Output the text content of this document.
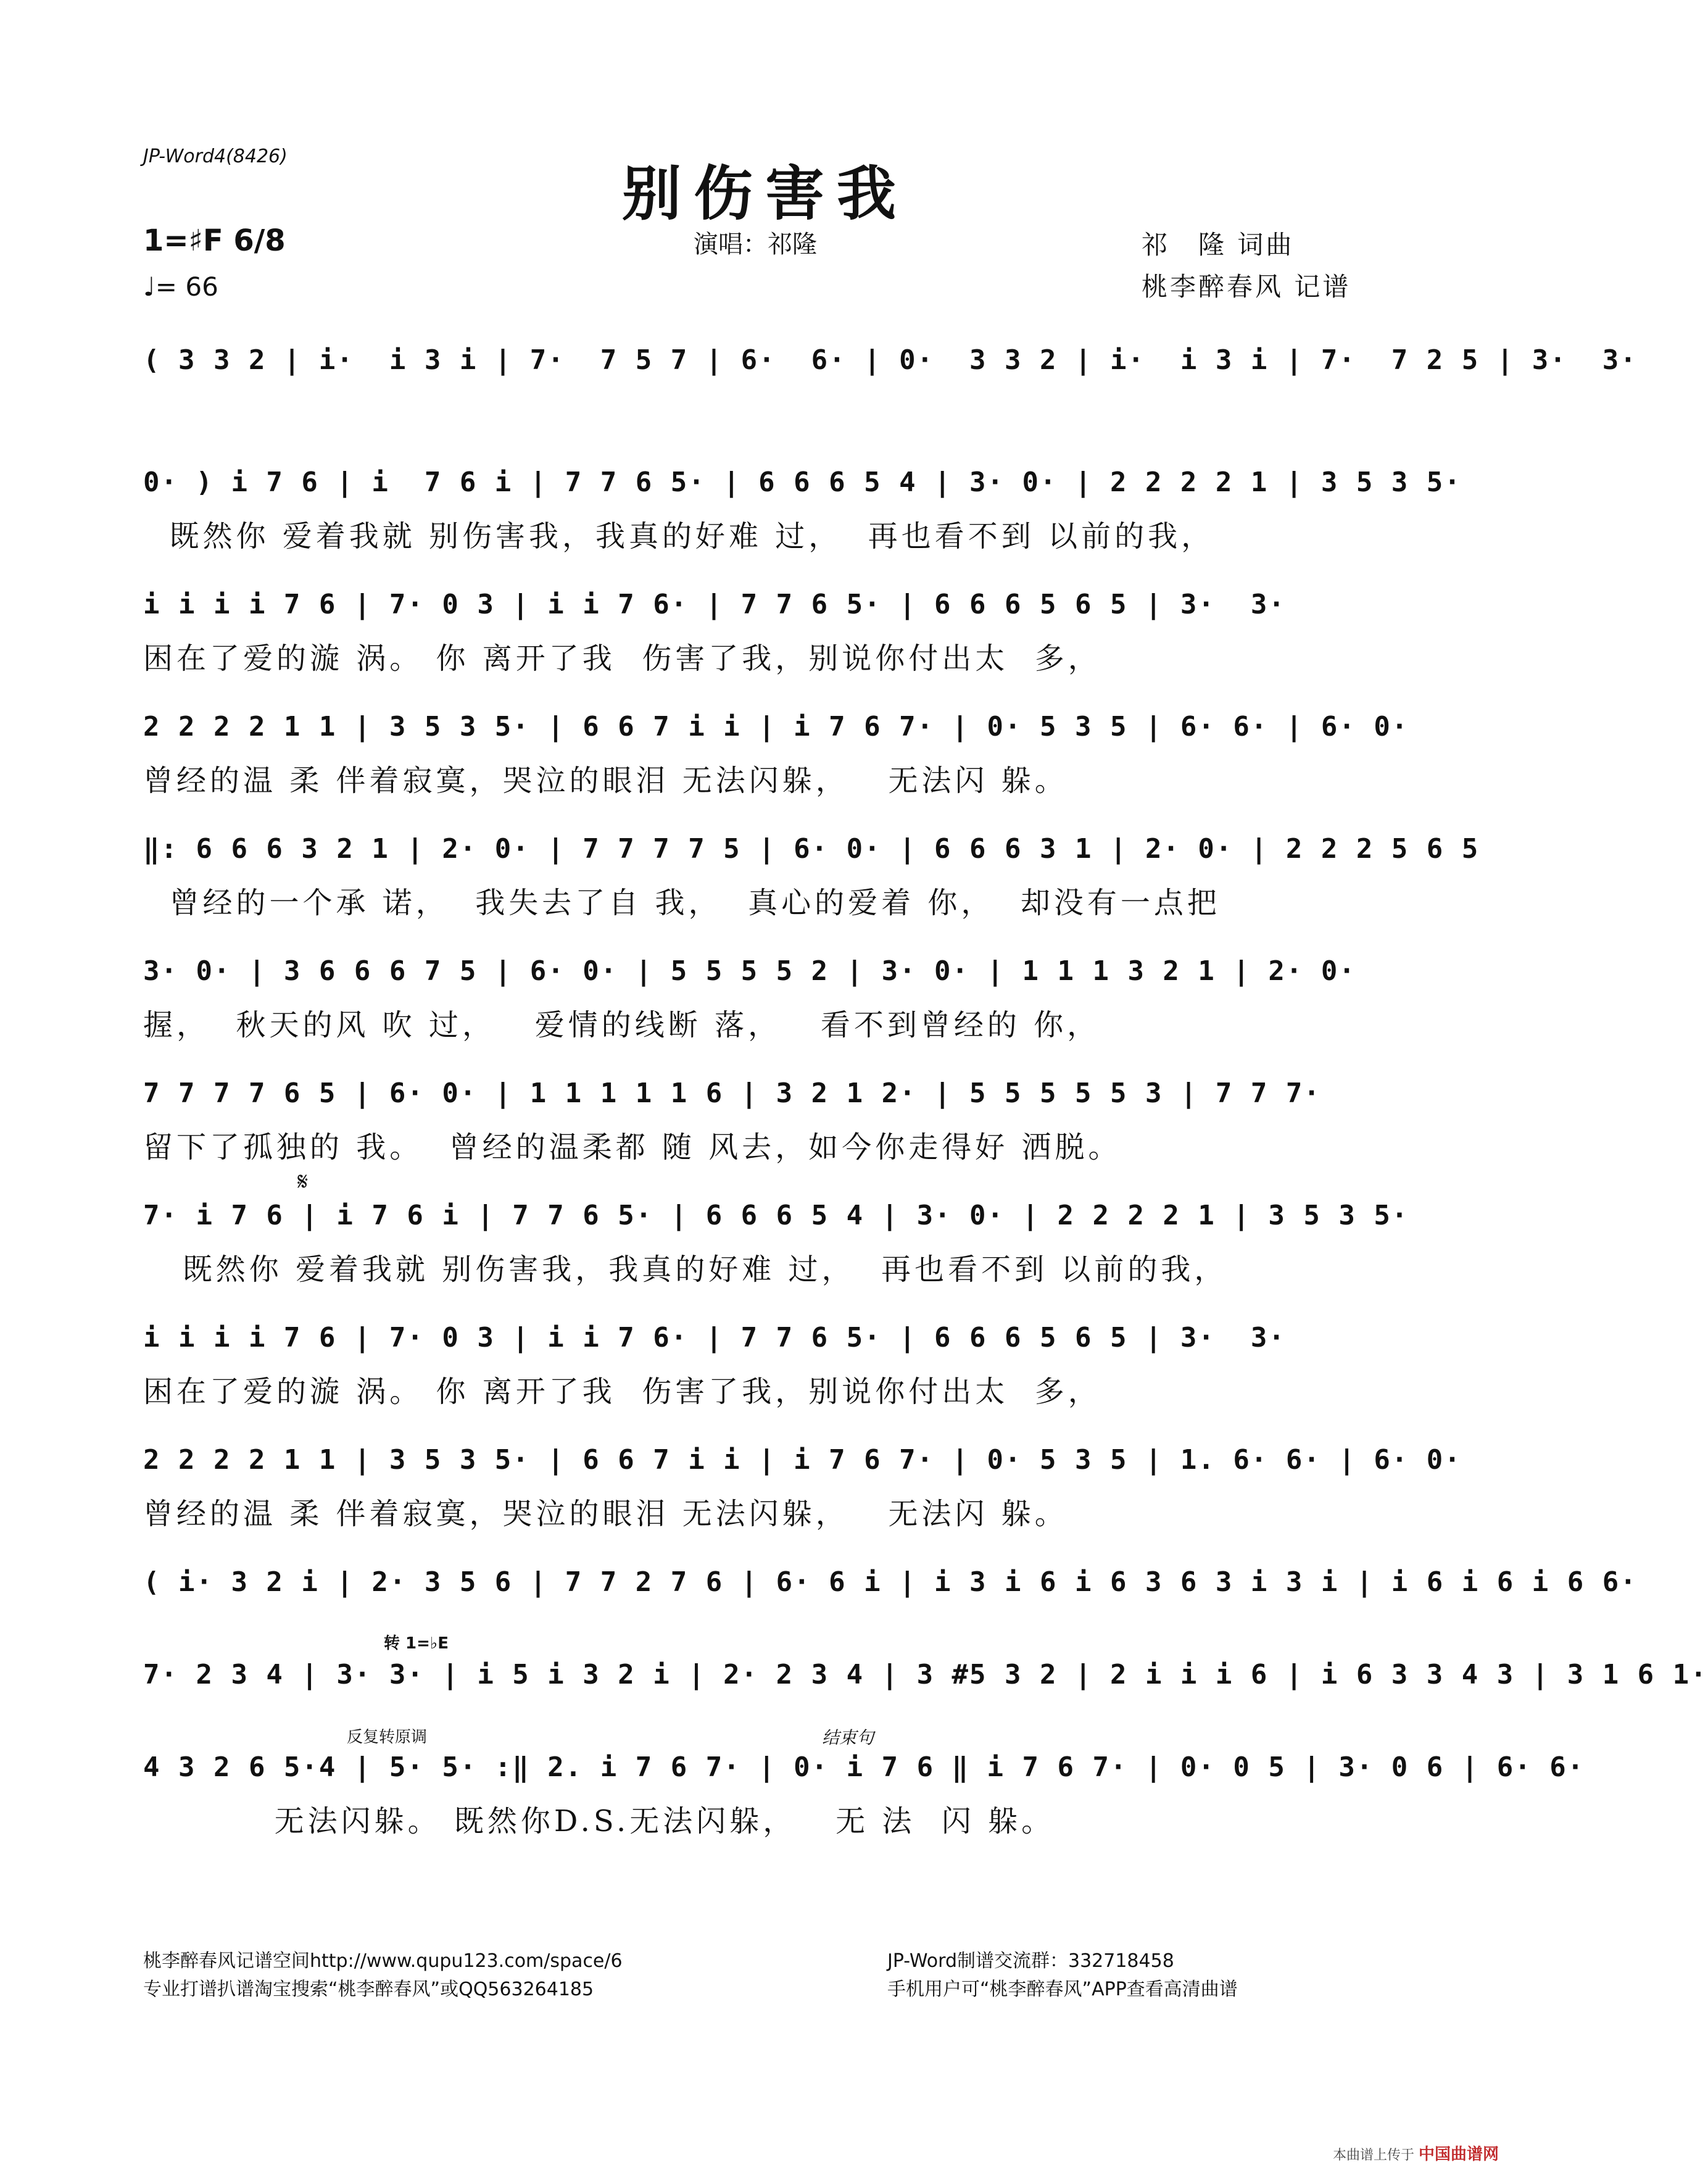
JP-Word4(8426)
别伤害我
1=♯F 6/8
♩= 66
演唱：祁隆	祁　隆 词曲
桃李醉春风 记谱
( 3 3 2 | i·  i 3 i | 7·  7 5 7 | 6·  6· | 0·  3 3 2 | i·  i 3 i | 7·  7 2 5 | 3·  3·
0· ) i 7 6 | i  7 6 i | 7 7 6 5· | 6 6 6 5 4 | 3· 0· | 2 2 2 2 1 | 3 5 3 5·
既然你 爱着我就 别伤害我，我真的好难 过，  再也看不到 以前的我，
i i i i 7 6 | 7· 0 3 | i i 7 6· | 7 7 6 5· | 6 6 6 5 6 5 | 3·  3·
困在了爱的漩 涡。 你 离开了我  伤害了我，别说你付出太  多，
2 2 2 2 1 1 | 3 5 3 5· | 6 6 7 i i | i 7 6 7· | 0· 5 3 5 | 6· 6· | 6· 0·
曾经的温 柔 伴着寂寞，哭泣的眼泪 无法闪躲，   无法闪 躲。
‖: 6 6 6 3 2 1 | 2· 0· | 7 7 7 7 5 | 6· 0· | 6 6 6 3 1 | 2· 0· | 2 2 2 5 6 5
曾经的一个承 诺，  我失去了自 我，  真心的爱着 你，  却没有一点把
3· 0· | 3 6 6 6 7 5 | 6· 0· | 5 5 5 5 2 | 3· 0· | 1 1 1 3 2 1 | 2· 0·
握，  秋天的风 吹 过，   爱情的线断 落，   看不到曾经的 你，
7 7 7 7 6 5 | 6· 0· | 1 1 1 1 1 6 | 3 2 1 2· | 5 5 5 5 5 3 | 7 7 7·
留下了孤独的 我。  曾经的温柔都 随 风去，如今你走得好 洒脱。
𝄋
7· i 7 6 | i 7 6 i | 7 7 6 5· | 6 6 6 5 4 | 3· 0· | 2 2 2 2 1 | 3 5 3 5·
既然你 爱着我就 别伤害我，我真的好难 过，  再也看不到 以前的我，
i i i i 7 6 | 7· 0 3 | i i 7 6· | 7 7 6 5· | 6 6 6 5 6 5 | 3·  3·
困在了爱的漩 涡。 你 离开了我  伤害了我，别说你付出太  多，
2 2 2 2 1 1 | 3 5 3 5· | 6 6 7 i i | i 7 6 7· | 0· 5 3 5 | 1. 6· 6· | 6· 0·
曾经的温 柔 伴着寂寞，哭泣的眼泪 无法闪躲，   无法闪 躲。
( i· 3 2 i | 2· 3 5 6 | 7 7 2 7 6 | 6· 6 i | i 3 i 6 i 6 3 6 3 i 3 i | i 6 i 6 i 6 6·
转 1=♭E
7· 2 3 4 | 3· 3· | i 5 i 3 2 i | 2· 2 3 4 | 3 #5 3 2 | 2 i i i 6 | i 6 3 3 4 3 | 3 1 6 1·
反复转原调	结束句
4 3 2 6 5·4 | 5· 5· :‖ 2. i 7 6 7· | 0· i 7 6 ‖ i 7 6 7· | 0· 0 5 | 3· 0 6 | 6· 6·
无法闪躲。 既然你D.S.无法闪躲，   无 法  闪 躲。
桃李醉春风记谱空间http://www.qupu123.com/space/6
专业打谱扒谱淘宝搜索“桃李醉春风”或QQ563264185
JP-Word制谱交流群：332718458
手机用户可“桃李醉春风”APP查看高清曲谱
本曲谱上传于 中国曲谱网
